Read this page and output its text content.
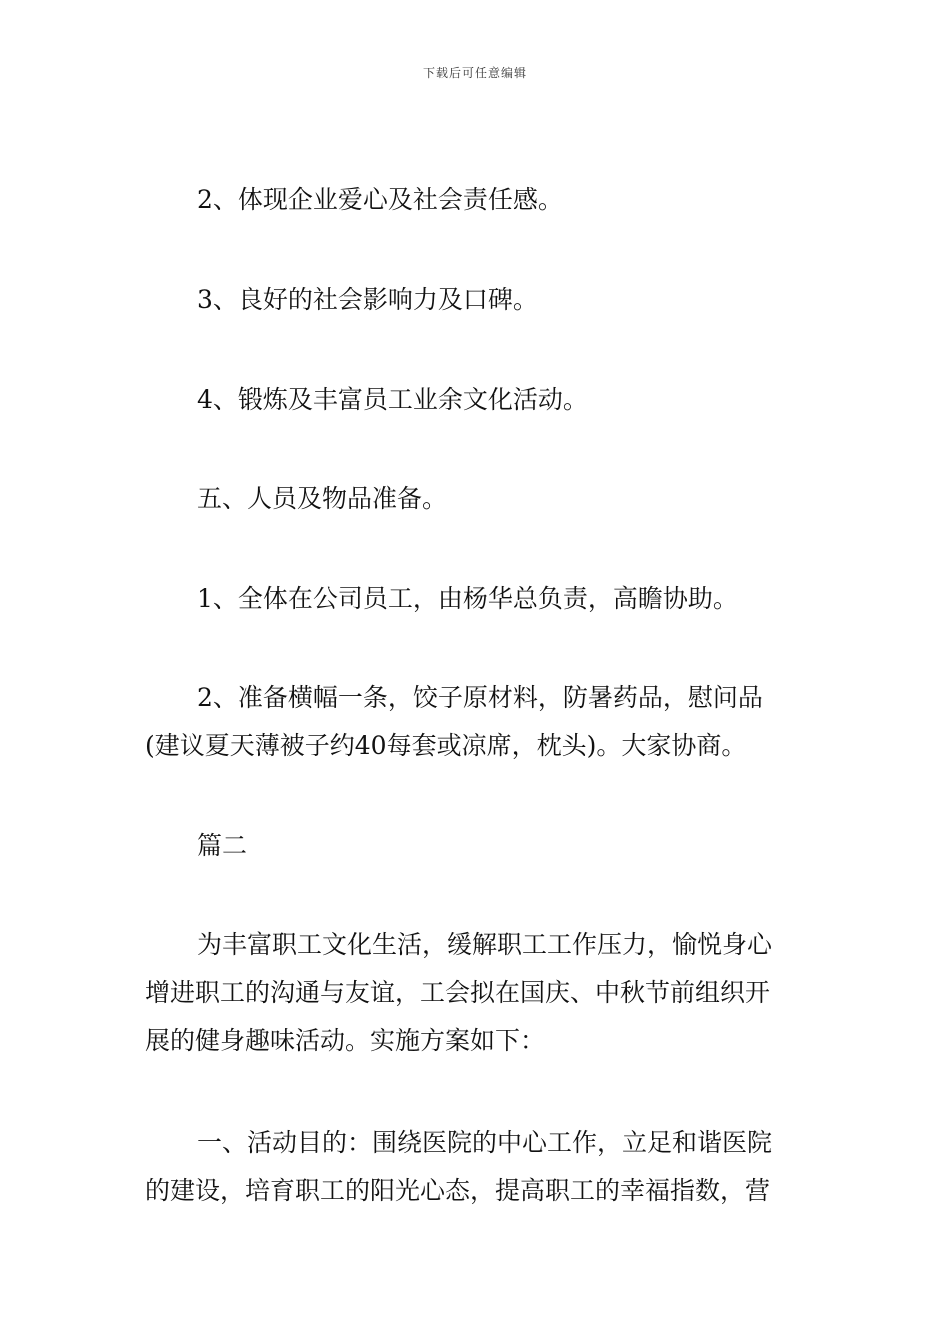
下载后可任意编辑
2、体现企业爱心及社会责任感。
3、良好的社会影响力及口碑。
4、锻炼及丰富员工业余文化活动。
五、人员及物品准备。
1、全体在公司员工，由杨华总负责，高瞻协助。
2、准备横幅一条，饺子原材料，防暑药品，慰问品
(建议夏天薄被子约40每套或凉席，枕头)。大家协商。
篇二
为丰富职工文化生活，缓解职工工作压力，愉悦身心
增进职工的沟通与友谊，工会拟在国庆、中秋节前组织开
展的健身趣味活动。实施方案如下：
一、活动目的：围绕医院的中心工作，立足和谐医院
的建设，培育职工的阳光心态，提高职工的幸福指数，营
